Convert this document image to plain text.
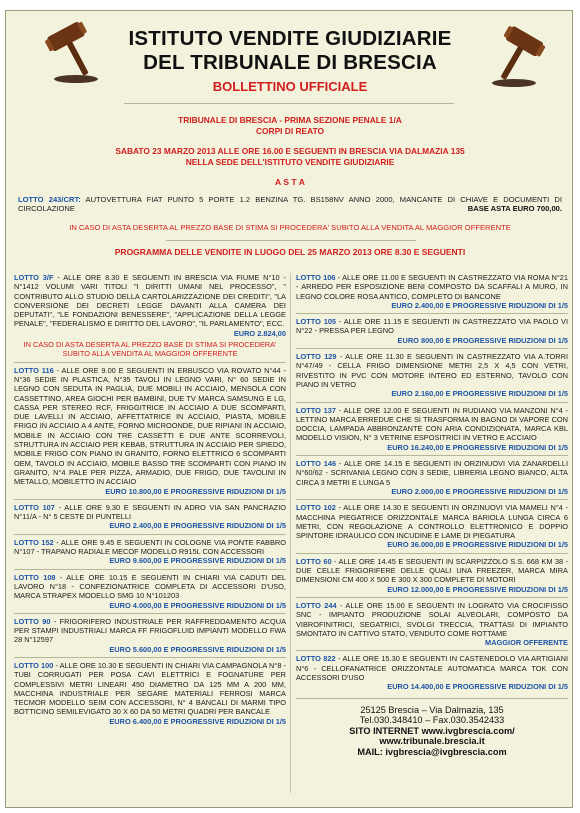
ISTITUTO VENDITE GIUDIZIARIE
DEL TRIBUNALE DI BRESCIA
BOLLETTINO UFFICIALE
TRIBUNALE DI BRESCIA - PRIMA SEZIONE PENALE 1/A
CORPI DI REATO
SABATO 23 MARZO 2013 ALLE ORE 16.00 E SEGUENTI IN BRESCIA VIA DALMAZIA 135
NELLA SEDE DELL'ISTITUTO VENDITE GIUDIZIARIE
A S T A
LOTTO 243/CRT: AUTOVETTURA FIAT PUNTO 5 PORTE 1.2 BENZINA TG. BS158NV ANNO 2000, MANCANTE DI CHIAVE E DOCUMENTI DI CIRCOLAZIONE	BASE ASTA EURO 700,00.
IN CASO DI ASTA DESERTA AL PREZZO BASE DI STIMA SI PROCEDERA' SUBITO ALLA VENDITA AL MAGGIOR OFFERENTE
PROGRAMMA DELLE VENDITE IN LUOGO DEL 25 MARZO 2013 ORE 8.30 E SEGUENTI
LOTTO 3/F - ALLE ORE 8.30 E SEGUENTI IN BRESCIA VIA FIUME N°10 - N°1412 VOLUMI VARI TITOLI "I DIRITTI UMANI NEL PROCESSO", " CONTRIBUTO ALLO STUDIO DELLA CARTOLARIZZAZIONE DEI CREDITI", "LA CONVERSIONE DEI DECRETI LEGGE DAVANTI ALLA CAMERA DEI DEPUTATI", "LE FONDAZIONI BENESSERE", "APPLICAZIONE DELLA LEGGE PENALE", "FEDERALISMO E DIRITTO DEL LAVORO", "IL PARLAMENTO", ECC.
EURO 2.824,00
IN CASO DI ASTA DESERTA AL PREZZO BASE DI STIMA SI PROCEDERA' SUBITO ALLA VENDITA AL MAGGIOR OFFERENTE
LOTTO 116 - ALLE ORE 9.00 E SEGUENTI IN ERBUSCO VIA ROVATO N°44 - N°36 SEDIE IN PLASTICA, N°35 TAVOLI IN LEGNO VARI, N° 60 SEDIE IN LEGNO CON SEDUTA IN PAGLIA, DUE MOBILI IN ACCIAIO, MENSOLA CON CASSETTINO, AREA GIOCHI PER BAMBINI, DUE TV MARCA SAMSUNG E LG, CASSA PER STEREO RCF, FRIGGITRICE IN ACCIAIO A DUE SCOMPARTI, DUE LAVELLI IN ACCIAIO, AFFETTATRICE IN ACCIAIO, PIASTA, MOBILE FRIGO IN ACCIAIO A 4 ANTE, FORNO MICROONDE, DUE RIPIANI IN ACCIAIO, MOBILE IN ACCIAIO CON TRE CASSETTI E DUE ANTE SCORREVOLI, STRUTTURA IN ACCIAIO PER KEBAB, STRUTTURA IN ACCIAIO PER SPIEDO, MOBILE FRIGO CON PIANO IN GRANITO, FORNO ELETTRICO 6 SCOMPARTI OEM, TAVOLO IN ACCIAIO, MOBILE BASSO TRE SCOMPARTI CON PIANO IN GRANITO, N°4 PALE PER PIZZA, ARMADIO, DUE FRIGO, DUE TAVOLINI IN METALLO, MOBILETTO IN ACCIAIO
EURO 10.800,00 E PROGRESSIVE RIDUZIONI DI 1/5
LOTTO 107 - ALLE ORE 9.30 E SEGUENTI IN ADRO VIA SAN PANCRAZIO N°11/A - N° 5 CESTE DI PUNTELLI
EURO 2.400,00 E PROGRESSIVE RIDUZIONI DI 1/5
LOTTO 152 - ALLE ORE 9.45 E SEGUENTI IN COLOGNE VIA PONTE FABBRO N°107 - TRAPANO RADIALE MECOF MODELLO R915L CON ACCESSORI
EURO 9.600,00 E PROGRESSIVE RIDUZIONI DI 1/5
LOTTO 108 - ALLE ORE 10.15 E SEGUENTI IN CHIARI VIA CADUTI DEL LAVORO N°18 - CONFEZIONATRICE COMPLETA DI ACCESSORI D'USO, MARCA STRAPEX MODELLO SMG 10 N°101203
EURO 4.000,00 E PROGRESSIVE RIDUZIONI DI 1/5
LOTTO 90 - FRIGORIFERO INDUSTRIALE PER RAFFREDDAMENTO ACQUA PER STAMPI INDUSTRIALI MARCA FF FRIGOFLUID IMPIANTI MODELLO FWA 28 N°12597
EURO 5.600,00 E PROGRESSIVE RIDUZIONI DI 1/5
LOTTO 100 - ALLE ORE 10.30 E SEGUENTI IN CHIARI VIA CAMPAGNOLA N°8 - TUBI CORRUGATI PER POSA CAVI ELETTRICI E FOGNATURE PER COMPLESSIVI METRI LINEARI 450 DIAMETRO DA 125 MM A 200 MM, MACCHINA INDUSTRIALE PER SEGARE MATERIALI FERROSI MARCA TECMOR MODELLO SEIM CON ACCESSORI, N° 4 BANCALI DI MARMI TIPO BOTTICINO SEMILEVIGATO 30 X 60 DA 50 METRI QUADRI PER BANCALE
EURO 6.400,00 E PROGRESSIVE RIDUZIONI DI 1/5
LOTTO 106 - ALLE ORE 11.00 E SEGUENTI IN CASTREZZATO VIA ROMA N°21 - ARREDO PER ESPOSIZIONE BENI COMPOSTO DA SCAFFALI A MURO, IN LEGNO COLORE ROSA ANTICO, COMPLETO DI BANCONE
EURO 2.400,00 E PROGRESSIVE RIDUZIONI DI 1/5
LOTTO 105 - ALLE ORE 11.15 E SEGUENTI IN CASTREZZATO VIA PAOLO VI N°22 - PRESSA PER LEGNO
EURO 800,00 E PROGRESSIVE RIDUZIONI DI 1/5
LOTTO 129 - ALLE ORE 11.30 E SEGUENTI IN CASTREZZATO VIA A.TORRI N°47/49 - CELLA FRIGO DIMENSIONE METRI 2,5 X 4,5 CON VETRI, RIVESTITO IN PVC CON MOTORE INTERO ED ESTERNO, TAVOLO CON PIANO IN VETRO
EURO 2.160,00 E PROGRESSIVE RIDUZIONI DI 1/5
LOTTO 137 - ALLE ORE 12.00 E SEGUENTI IN RUDIANO VIA MANZONI N°4 - LETTINO MARCA ERREDUE CHE SI TRASFORMA IN BAGNO DI VAPORE CON DOCCIA, LAMPADA ABBRONZANTE CON ARIA CONDIZIONATA, MARCA KBL MODELLO VISION, N° 3 VETRINE ESPOSITRICI IN VETRO E ACCIAIO
EURO 16.240,00 E PROGRESSIVE RIDUZIONI DI 1/5
LOTTO 146 - ALLE ORE 14.15 E SEGUENTI IN ORZINUOVI VIA ZANARDELLI N°60/62 - SCRIVANIA LEGNO CON 3 SEDIE, LIBRERIA LEGNO BIANCO, ALTA CIRCA 3 METRI E LUNGA 5
EURO 2.000,00 E PROGRESSIVE RIDUZIONI DI 1/5
LOTTO 102 - ALLE ORE 14.30 E SEGUENTI IN ORZINUOVI VIA MAMELI N°4 - MACCHINA PIEGATRICE ORIZZONTALE MARCA BARIOLA LUNGA CIRCA 6 METRI, CON REGOLAZIONE A CONTROLLO ELETTRONICO E DOPPIO SPINTORE IDRAULICO CON INCUDINE E LAME DI PIEGATURA
EURO 36.000,00 E PROGRESSIVE RIDUZIONI DI 1/5
LOTTO 60 - ALLE ORE 14.45 E SEGUENTI IN SCARPIZZOLO S.S. 668 KM 38 - DUE CELLE FRIGORIFERE DELLE QUALI UNA FREEZER, MARCA MIRA DIMENSIONI CM 400 X 500 E 300 X 300 COMPLETE DI MOTORI
EURO 12.000,00 E PROGRESSIVE RIDUZIONI DI 1/5
LOTTO 244 - ALLE ORE 15.00 E SEGUENTI IN LOGRATO VIA CROCIFISSO SNC - IMPIANTO PRODUZIONE SOLAI ALVEOLARI, COMPOSTO DA VIBROFINITRICI, SEGATRICI, SVOLGI TRECCIA, TRATTASI DI IMPIANTO SMONTATO IN CATTIVO STATO, VENDUTO COME ROTTAME
MAGGIOR OFFERENTE
LOTTO 822 - ALLE ORE 15.30 E SEGUENTI IN CASTENEDOLO VIA ARTIGIANI N°6 - CELLOFANATRICE ORIZZONTALE AUTOMATICA MARCA TOK CON ACCESSORI D'USO
EURO 14.400,00 E PROGRESSIVE RIDUZIONI DI 1/5
25125 Brescia – Via Dalmazia, 135
Tel.030.348410 – Fax.030.3542433
SITO INTERNET www.ivgbrescia.com/
www.tribunale.brescia.it
MAIL: ivgbrescia@ivgbrescia.com
